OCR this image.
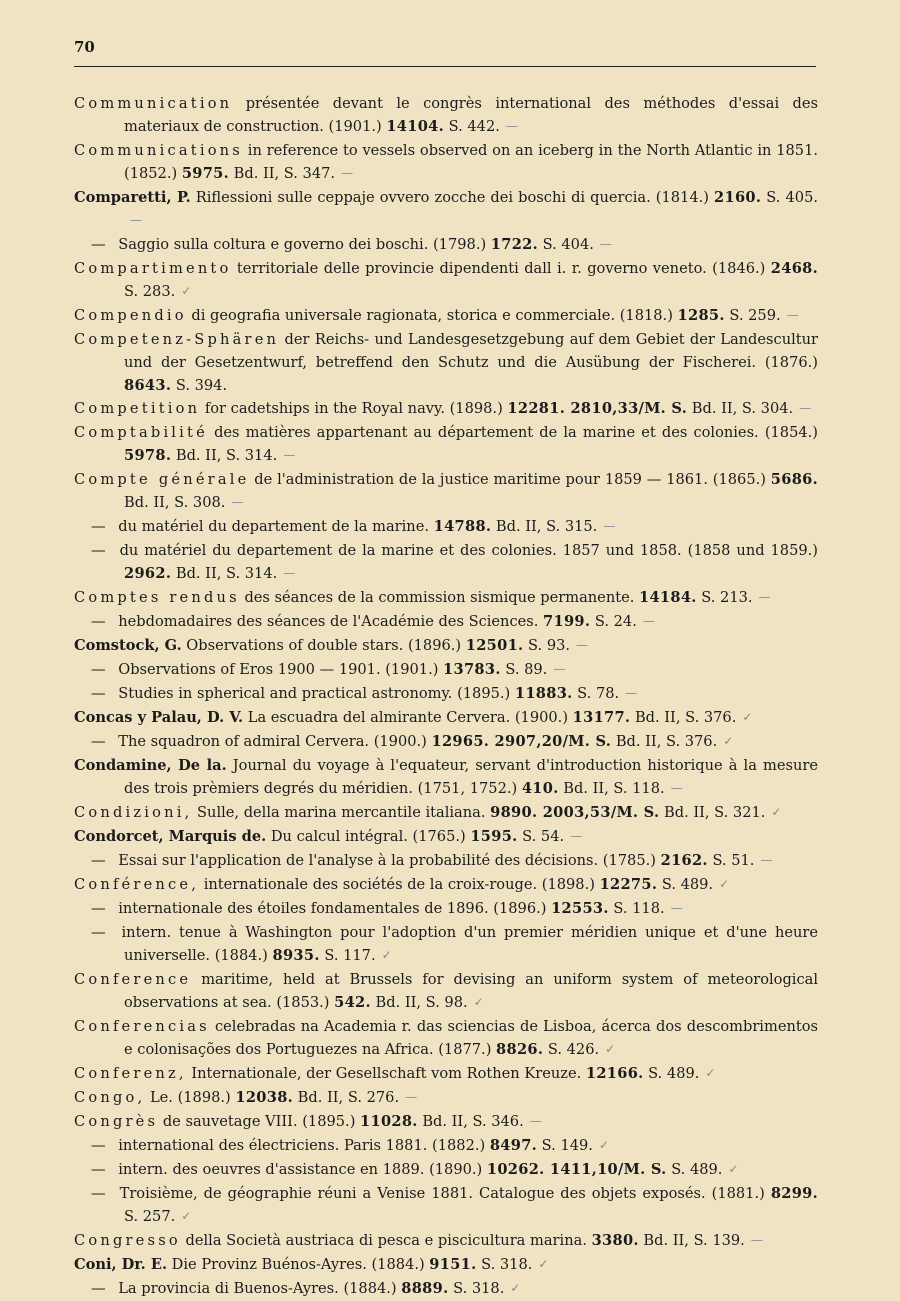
70
Communication présentée devant le congrès international des méthodes d'essai des materiaux de construction. (1901.) 14104. S. 442. —
Communications in reference to vessels observed on an iceberg in the North Atlantic in 1851. (1852.) 5975. Bd. II, S. 347. —
Comparetti, P. Riflessioni sulle ceppaje ovvero zocche dei boschi di quercia. (1814.) 2160. S. 405.—
— Saggio sulla coltura e governo dei boschi. (1798.) 1722. S. 404. —
Compartimento territoriale delle provincie dipendenti dall i. r. governo veneto. (1846.) 2468. S. 283. ✓
Compendio di geografia universale ragionata, storica e commerciale. (1818.) 1285. S. 259. —
Competenz-Sphären der Reichs- und Landesgesetzgebung auf dem Gebiet der Landescultur und der Gesetzentwurf, betreffend den Schutz und die Ausübung der Fischerei. (1876.) 8643. S. 394.
Competition for cadetships in the Royal navy. (1898.) 12281. 2810,33/M. S. Bd. II, S. 304. —
Comptabilité des matières appartenant au département de la marine et des colonies. (1854.) 5978. Bd. II, S. 314. —
Compte générale de l'administration de la justice maritime pour 1859 — 1861. (1865.) 5686. Bd. II, S. 308. —
— du matériel du departement de la marine. 14788. Bd. II, S. 315. —
— du matériel du departement de la marine et des colonies. 1857 und 1858. (1858 und 1859.) 2962. Bd. II, S. 314. —
Comptes rendus des séances de la commission sismique permanente. 14184. S. 213. —
— hebdomadaires des séances de l'Académie des Sciences. 7199. S. 24. —
Comstock, G. Observations of double stars. (1896.) 12501. S. 93. —
— Observations of Eros 1900 — 1901. (1901.) 13783. S. 89. —
— Studies in spherical and practical astronomy. (1895.) 11883. S. 78. —
Concas y Palau, D. V. La escuadra del almirante Cervera. (1900.) 13177. Bd. II, S. 376. ✓
— The squadron of admiral Cervera. (1900.) 12965. 2907,20/M. S. Bd. II, S. 376. ✓
Condamine, De la. Journal du voyage à l'equateur, servant d'introduction historique à la mesure des trois prèmiers degrés du méridien. (1751, 1752.) 410. Bd. II, S. 118. —
Condizioni, Sulle, della marina mercantile italiana. 9890. 2003,53/M. S. Bd. II, S. 321. ✓
Condorcet, Marquis de. Du calcul intégral. (1765.) 1595. S. 54. —
— Essai sur l'application de l'analyse à la probabilité des décisions. (1785.) 2162. S. 51. —
Conférence, internationale des sociétés de la croix-rouge. (1898.) 12275. S. 489. ✓
— internationale des étoiles fondamentales de 1896. (1896.) 12553. S. 118. —
— intern. tenue à Washington pour l'adoption d'un premier méridien unique et d'une heure universelle. (1884.) 8935. S. 117. ✓
Conference maritime, held at Brussels for devising an uniform system of meteorological observations at sea. (1853.) 542. Bd. II, S. 98. ✓
Conferencias celebradas na Academia r. das sciencias de Lisboa, ácerca dos descombrimentos e colonisações dos Portuguezes na Africa. (1877.) 8826. S. 426. ✓
Conferenz, Internationale, der Gesellschaft vom Rothen Kreuze. 12166. S. 489. ✓
Congo, Le. (1898.) 12038. Bd. II, S. 276. —
Congrès de sauvetage VIII. (1895.) 11028. Bd. II, S. 346. —
— international des électriciens. Paris 1881. (1882.) 8497. S. 149. ✓
— intern. des oeuvres d'assistance en 1889. (1890.) 10262. 1411,10/M. S. S. 489. ✓
— Troisième, de géographie réuni a Venise 1881. Catalogue des objets exposés. (1881.) 8299. S. 257. ✓
Congresso della Società austriaca di pesca e piscicultura marina. 3380. Bd. II, S. 139. —
Coni, Dr. E. Die Provinz Buénos-Ayres. (1884.) 9151. S. 318. ✓
— La provincia di Buenos-Ayres. (1884.) 8889. S. 318. ✓
